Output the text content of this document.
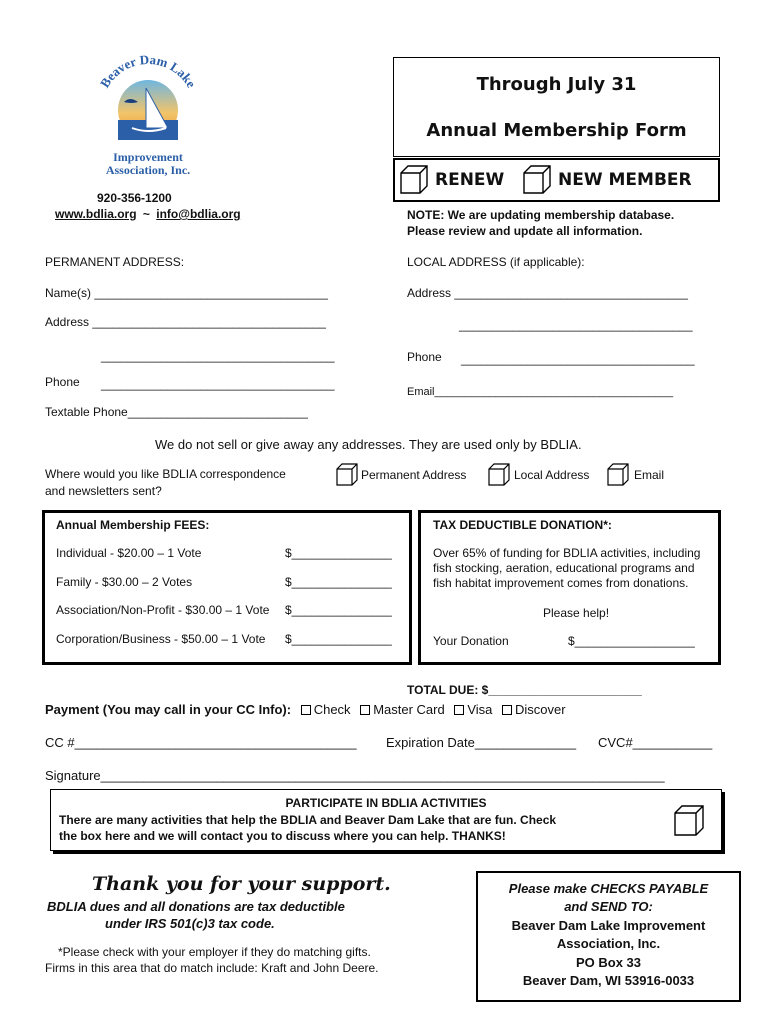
Beaver Dam Lake
Improvement
Association, Inc.
920-356-1200
www.bdlia.org ~ info@bdlia.org
Through July 31
Annual Membership Form
RENEW	NEW MEMBER
NOTE: We are updating membership database.
Please review and update all information.
PERMANENT ADDRESS:
Name(s) ___________________________________
Address ___________________________________
___________________________________
Phone ___________________________________
Textable Phone___________________________
LOCAL ADDRESS (if applicable):
Address ___________________________________
___________________________________
Phone ___________________________________
Email_______________________________________
We do not sell or give away any addresses. They are used only by BDLIA.
Where would you like BDLIA correspondence
and newsletters sent?
Permanent Address	Local Address	Email
Annual Membership FEES:
Individual - $20.00 – 1 Vote	$_______________
Family - $30.00 – 2 Votes	$_______________
Association/Non-Profit - $30.00 – 1 Vote $_______________
Corporation/Business - $50.00 – 1 Vote $_______________
TAX DEDUCTIBLE DONATION*:
Over 65% of funding for BDLIA activities, including
fish stocking, aeration, educational programs and
fish habitat improvement comes from donations.
Please help!
Your Donation	$__________________
TOTAL DUE: $_______________________
Payment (You may call in your CC Info): Check Master Card Visa Discover
CC #_______________________________________ Expiration Date______________ CVC#___________
Signature______________________________________________________________________________
PARTICIPATE IN BDLIA ACTIVITIES
There are many activities that help the BDLIA and Beaver Dam Lake that are fun. Check
the box here and we will contact you to discuss where you can help. THANKS!
Thank you for your support.
BDLIA dues and all donations are tax deductible
under IRS 501(c)3 tax code.
*Please check with your employer if they do matching gifts.
Firms in this area that do match include: Kraft and John Deere.
Please make CHECKS PAYABLE
and SEND TO:
Beaver Dam Lake Improvement
Association, Inc.
PO Box 33
Beaver Dam, WI 53916-0033
